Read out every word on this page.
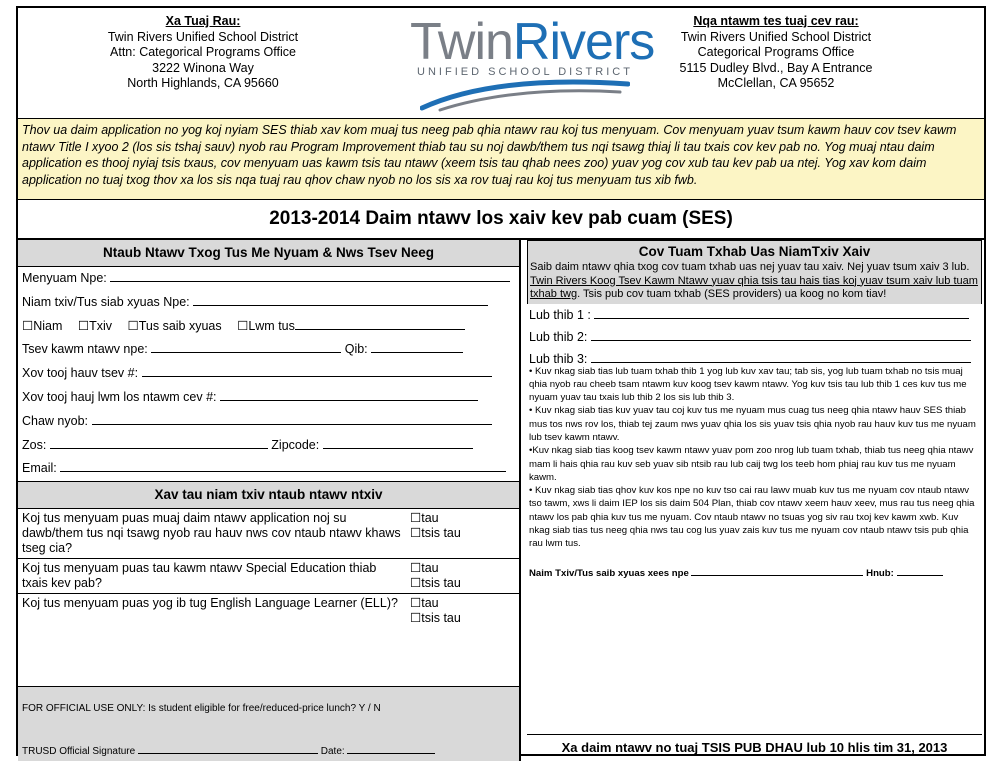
Xa Tuaj Rau:
Twin Rivers Unified School District
Attn: Categorical Programs Office
3222 Winona Way
North Highlands, CA 95660
TwinRivers
UNIFIED SCHOOL DISTRICT
Nqa ntawm tes tuaj cev rau:
Twin Rivers Unified School District
Categorical Programs Office
5115 Dudley Blvd., Bay A Entrance
McClellan, CA 95652
Thov ua daim application no yog koj nyiam SES thiab xav kom muaj tus neeg pab qhia ntawv rau koj tus menyuam. Cov menyuam yuav tsum kawm hauv cov tsev kawm ntawv Title I xyoo 2 (los sis tshaj sauv) nyob rau Program Improvement thiab tau su noj dawb/them tus nqi tsawg thiaj li tau txais cov kev pab no. Yog muaj ntau daim application es thooj nyiaj tsis txaus, cov menyuam uas kawm tsis tau ntawv (xeem tsis tau qhab nees zoo) yuav yog cov xub tau kev pab ua ntej. Yog xav kom daim application no tuaj txog thov xa los sis nqa tuaj rau qhov chaw nyob no los sis xa rov tuaj rau koj tus menyuam tus xib fwb.
2013-2014 Daim ntawv los xaiv kev pab cuam (SES)
Ntaub Ntawv Txog Tus Me Nyuam & Nws Tsev Neeg
Menyuam Npe:
Niam txiv/Tus siab xyuas Npe:
☐Niam ☐Txiv ☐Tus saib xyuas ☐Lwm tus
Tsev kawm ntawv npe:	Qib:
Xov tooj hauv tsev #:
Xov tooj hauj lwm los ntawm cev #:
Chaw nyob:
Zos:	Zipcode:
Email:
Xav tau niam txiv ntaub ntawv ntxiv
Koj tus menyuam puas muaj daim ntawv application noj su dawb/them tus nqi tsawg nyob rau hauv nws cov ntaub ntawv khaws tseg cia?
☐tau
☐tsis tau
Koj tus menyuam puas tau kawm ntawv Special Education thiab txais kev pab?
☐tau
☐tsis tau
Koj tus menyuam puas yog ib tug English Language Learner (ELL)? ☐tau
☐tsis tau
FOR OFFICIAL USE ONLY: Is student eligible for free/reduced-price lunch? Y / N
TRUSD Official Signature	Date:
Cov Tuam Txhab Uas NiamTxiv Xaiv
Saib daim ntawv qhia txog cov tuam txhab uas nej yuav tau xaiv. Nej yuav tsum xaiv 3 lub. Twin Rivers Koog Tsev Kawm Ntawv yuav qhia tsis tau hais tias koj yuav tsum xaiv lub tuam txhab twg. Tsis pub cov tuam txhab (SES providers) ua koog no kom tiav!
Lub thib 1 :
Lub thib 2:
Lub thib 3:
• Kuv nkag siab tias lub tuam txhab thib 1 yog lub kuv xav tau; tab sis, yog lub tuam txhab no tsis muaj qhia nyob rau cheeb tsam ntawm kuv koog tsev kawm ntawv. Yog kuv tsis tau lub thib 1 ces kuv tus me nyuam yuav tau txais lub thib 2 los sis lub thib 3.
• Kuv nkag siab tias kuv yuav tau coj kuv tus me nyuam mus cuag tus neeg qhia ntawv hauv SES thiab mus tos nws rov los, thiab tej zaum nws yuav qhia los sis yuav tsis qhia nyob rau hauv kuv tus me nyuam lub tsev kawm ntawv.
•Kuv nkag siab tias koog tsev kawm ntawv yuav pom zoo nrog lub tuam txhab, thiab tus neeg qhia ntawv mam li hais qhia rau kuv seb yuav sib ntsib rau lub caij twg los teeb hom phiaj rau kuv tus me nyuam kawm.
• Kuv nkag siab tias qhov kuv kos npe no kuv tso cai rau lawv muab kuv tus me nyuam cov ntaub ntawv tso tawm, xws li daim IEP los sis daim 504 Plan, thiab cov ntawv xeem hauv xeev, mus rau tus neeg qhia ntawv los pab qhia kuv tus me nyuam. Cov ntaub ntawv no tsuas yog siv rau txoj kev kawm xwb. Kuv nkag siab tias tus neeg qhia nws tau cog lus yuav zais kuv tus me nyuam cov ntaub ntawv tsis pub qhia rau lwm tus.
Naim Txiv/Tus saib xyuas xees npe	Hnub:
Xa daim ntawv no tuaj TSIS PUB DHAU lub 10 hlis tim 31, 2013
